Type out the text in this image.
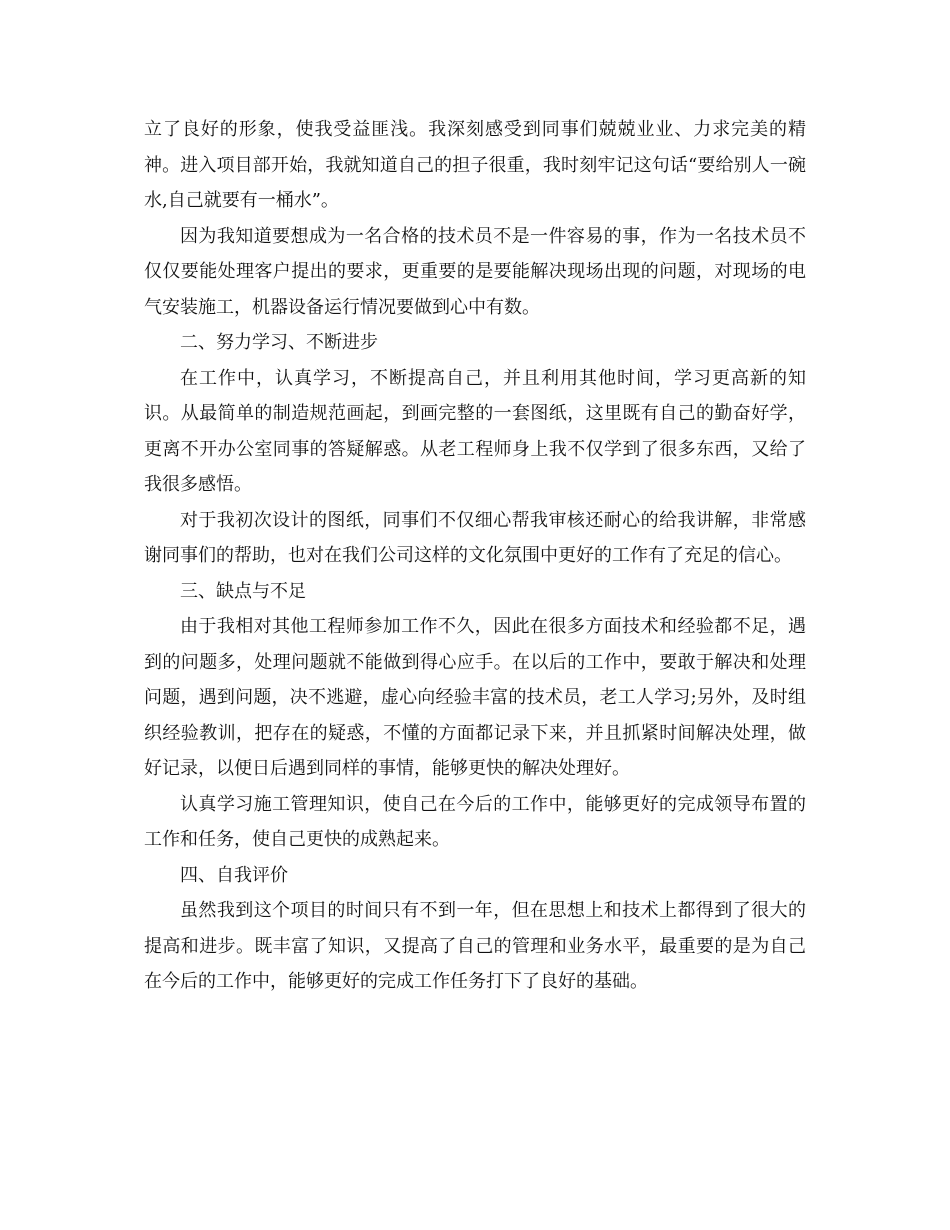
立了良好的形象，使我受益匪浅。我深刻感受到同事们兢兢业业、力求完美的精神。进入项目部开始，我就知道自己的担子很重，我时刻牢记这句话“要给别人一碗水,自己就要有一桶水”。

因为我知道要想成为一名合格的技术员不是一件容易的事，作为一名技术员不仅仅要能处理客户提出的要求，更重要的是要能解决现场出现的问题，对现场的电气安装施工，机器设备运行情况要做到心中有数。

二、努力学习、不断进步

在工作中，认真学习，不断提高自己，并且利用其他时间，学习更高新的知识。从最简单的制造规范画起，到画完整的一套图纸，这里既有自己的勤奋好学，更离不开办公室同事的答疑解惑。从老工程师身上我不仅学到了很多东西，又给了我很多感悟。

对于我初次设计的图纸，同事们不仅细心帮我审核还耐心的给我讲解，非常感谢同事们的帮助，也对在我们公司这样的文化氛围中更好的工作有了充足的信心。

三、缺点与不足

由于我相对其他工程师参加工作不久，因此在很多方面技术和经验都不足，遇到的问题多，处理问题就不能做到得心应手。在以后的工作中，要敢于解决和处理问题，遇到问题，决不逃避，虚心向经验丰富的技术员，老工人学习;另外，及时组织经验教训，把存在的疑惑，不懂的方面都记录下来，并且抓紧时间解决处理，做好记录，以便日后遇到同样的事情，能够更快的解决处理好。

认真学习施工管理知识，使自己在今后的工作中，能够更好的完成领导布置的工作和任务，使自己更快的成熟起来。

四、自我评价

虽然我到这个项目的时间只有不到一年，但在思想上和技术上都得到了很大的提高和进步。既丰富了知识，又提高了自己的管理和业务水平，最重要的是为自己在今后的工作中，能够更好的完成工作任务打下了良好的基础。
